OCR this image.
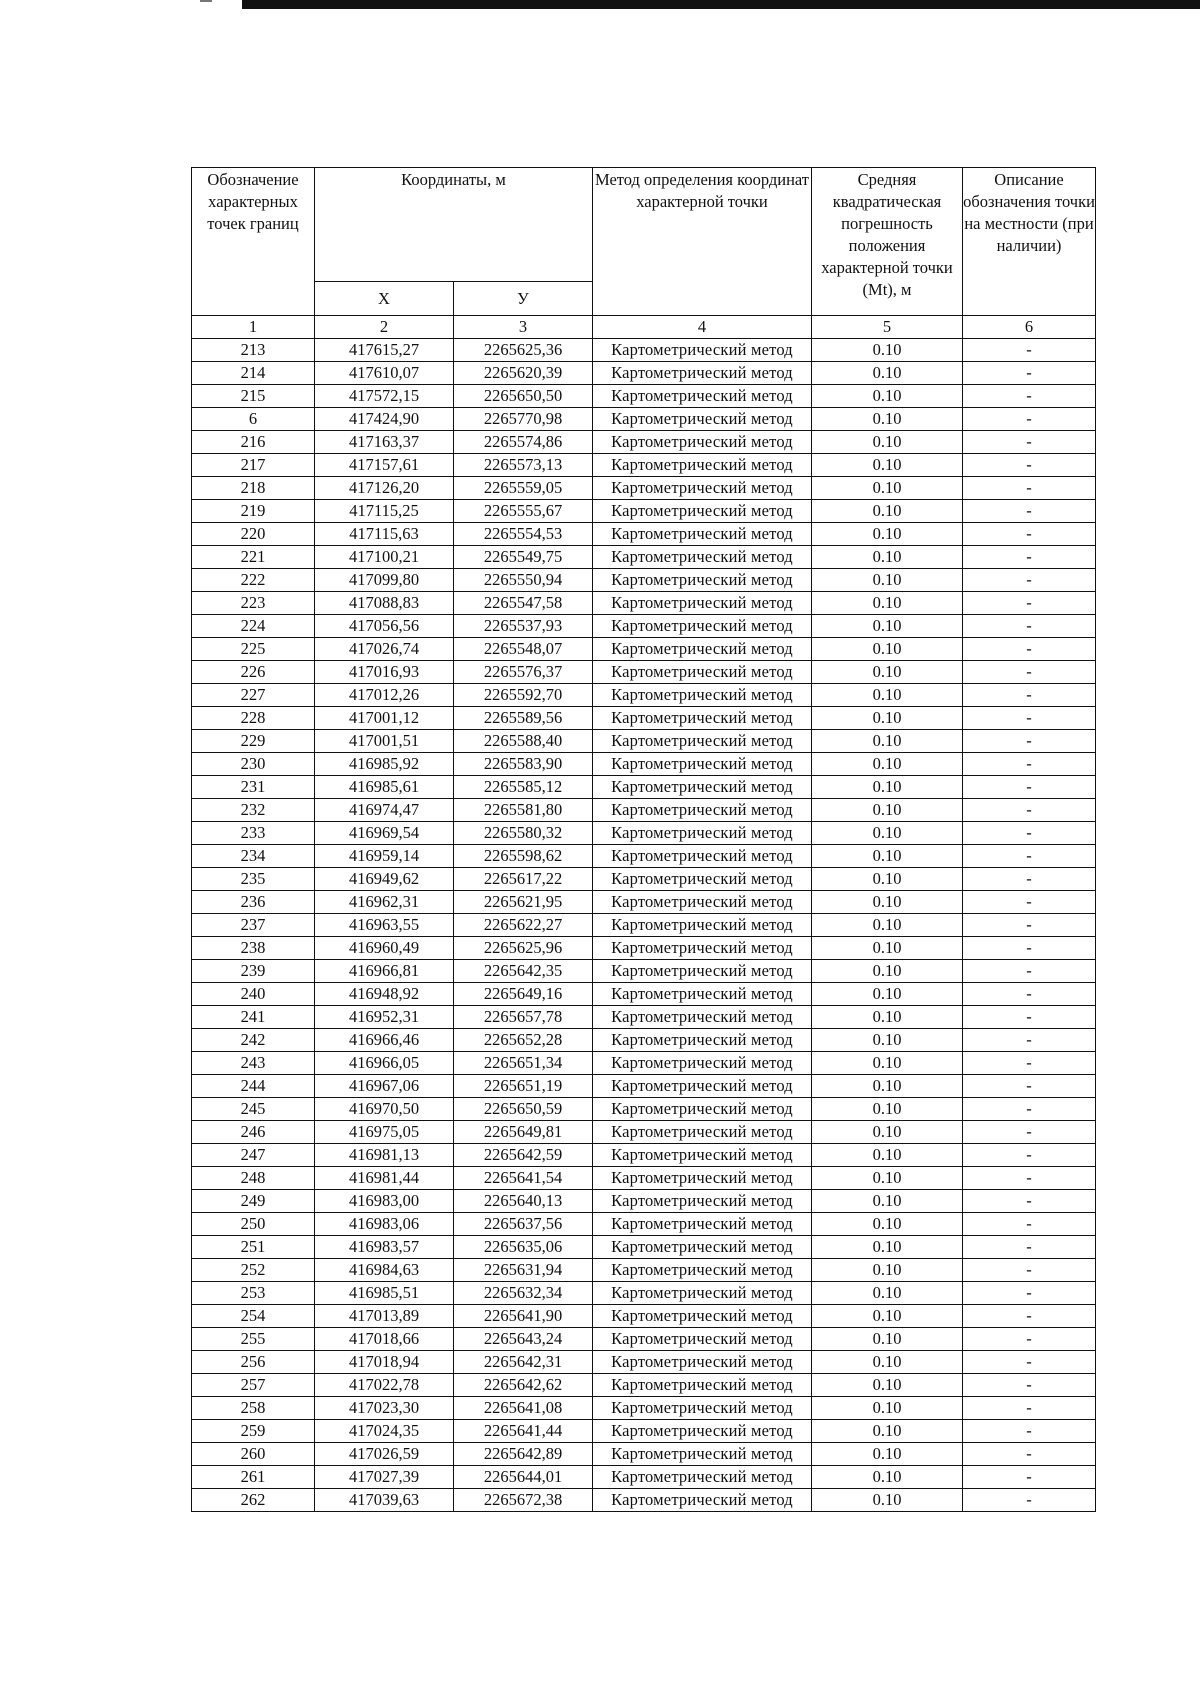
Обозначение характерных точек границ	Координаты, м		Метод определения координат характерной точки	Средняя квадратическая погрешность положения характерной точки (Mt), м	Описание обозначения точки на местности (при наличии)
	X	У			
1	2	3	4	5	6
213	417615,27	2265625,36	Картометрический метод	0.10	-
214	417610,07	2265620,39	Картометрический метод	0.10	-
215	417572,15	2265650,50	Картометрический метод	0.10	-
6	417424,90	2265770,98	Картометрический метод	0.10	-
216	417163,37	2265574,86	Картометрический метод	0.10	-
217	417157,61	2265573,13	Картометрический метод	0.10	-
218	417126,20	2265559,05	Картометрический метод	0.10	-
219	417115,25	2265555,67	Картометрический метод	0.10	-
220	417115,63	2265554,53	Картометрический метод	0.10	-
221	417100,21	2265549,75	Картометрический метод	0.10	-
222	417099,80	2265550,94	Картометрический метод	0.10	-
223	417088,83	2265547,58	Картометрический метод	0.10	-
224	417056,56	2265537,93	Картометрический метод	0.10	-
225	417026,74	2265548,07	Картометрический метод	0.10	-
226	417016,93	2265576,37	Картометрический метод	0.10	-
227	417012,26	2265592,70	Картометрический метод	0.10	-
228	417001,12	2265589,56	Картометрический метод	0.10	-
229	417001,51	2265588,40	Картометрический метод	0.10	-
230	416985,92	2265583,90	Картометрический метод	0.10	-
231	416985,61	2265585,12	Картометрический метод	0.10	-
232	416974,47	2265581,80	Картометрический метод	0.10	-
233	416969,54	2265580,32	Картометрический метод	0.10	-
234	416959,14	2265598,62	Картометрический метод	0.10	-
235	416949,62	2265617,22	Картометрический метод	0.10	-
236	416962,31	2265621,95	Картометрический метод	0.10	-
237	416963,55	2265622,27	Картометрический метод	0.10	-
238	416960,49	2265625,96	Картометрический метод	0.10	-
239	416966,81	2265642,35	Картометрический метод	0.10	-
240	416948,92	2265649,16	Картометрический метод	0.10	-
241	416952,31	2265657,78	Картометрический метод	0.10	-
242	416966,46	2265652,28	Картометрический метод	0.10	-
243	416966,05	2265651,34	Картометрический метод	0.10	-
244	416967,06	2265651,19	Картометрический метод	0.10	-
245	416970,50	2265650,59	Картометрический метод	0.10	-
246	416975,05	2265649,81	Картометрический метод	0.10	-
247	416981,13	2265642,59	Картометрический метод	0.10	-
248	416981,44	2265641,54	Картометрический метод	0.10	-
249	416983,00	2265640,13	Картометрический метод	0.10	-
250	416983,06	2265637,56	Картометрический метод	0.10	-
251	416983,57	2265635,06	Картометрический метод	0.10	-
252	416984,63	2265631,94	Картометрический метод	0.10	-
253	416985,51	2265632,34	Картометрический метод	0.10	-
254	417013,89	2265641,90	Картометрический метод	0.10	-
255	417018,66	2265643,24	Картометрический метод	0.10	-
256	417018,94	2265642,31	Картометрический метод	0.10	-
257	417022,78	2265642,62	Картометрический метод	0.10	-
258	417023,30	2265641,08	Картометрический метод	0.10	-
259	417024,35	2265641,44	Картометрический метод	0.10	-
260	417026,59	2265642,89	Картометрический метод	0.10	-
261	417027,39	2265644,01	Картометрический метод	0.10	-
262	417039,63	2265672,38	Картометрический метод	0.10	-
